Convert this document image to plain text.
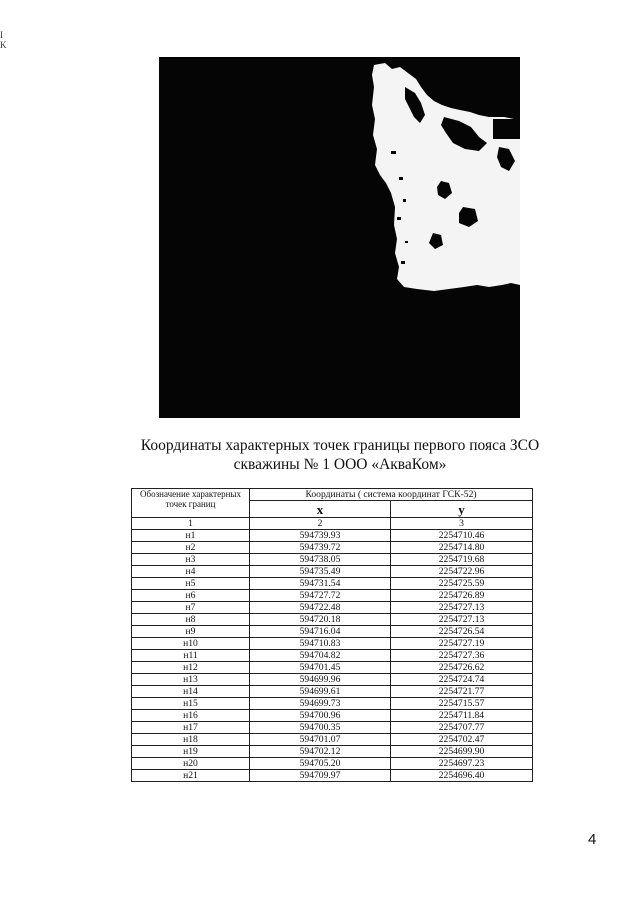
I
K
Координаты характерных точек границы первого пояса ЗСО
скважины № 1 ООО «АкваКом»
Обозначение характерных точек границ	Координаты ( система координат ГСК-52)	
	х	у
1	2	3
н1	594739.93	2254710.46
н2	594739.72	2254714.80
н3	594738.05	2254719.68
н4	594735.49	2254722.96
н5	594731.54	2254725.59
н6	594727.72	2254726.89
н7	594722.48	2254727.13
н8	594720.18	2254727.13
н9	594716.04	2254726.54
н10	594710.83	2254727.19
н11	594704.82	2254727.36
н12	594701.45	2254726.62
н13	594699.96	2254724.74
н14	594699.61	2254721.77
н15	594699.73	2254715.57
н16	594700.96	2254711.84
н17	594700.35	2254707.77
н18	594701.07	2254702.47
н19	594702.12	2254699.90
н20	594705.20	2254697.23
н21	594709.97	2254696.40
4
